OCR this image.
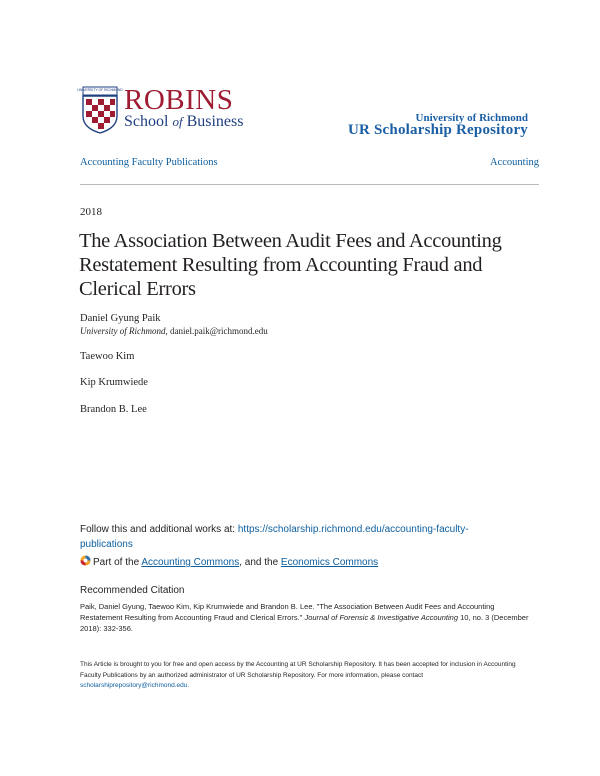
UNIVERSITY OF RICHMOND ROBINS
School of Business	University of Richmond
UR Scholarship Repository
Accounting Faculty Publications	Accounting
2018
The Association Between Audit Fees and Accounting Restatement Resulting from Accounting Fraud and Clerical Errors
Daniel Gyung Paik
University of Richmond, daniel.paik@richmond.edu
Taewoo Kim
Kip Krumwiede
Brandon B. Lee
Follow this and additional works at: https://scholarship.richmond.edu/accounting-faculty-publications
Part of the Accounting Commons, and the Economics Commons
Recommended Citation
Paik, Daniel Gyung, Taewoo Kim, Kip Krumwiede and Brandon B. Lee. "The Association Between Audit Fees and Accounting Restatement Resulting from Accounting Fraud and Clerical Errors." Journal of Forensic & Investigative Accounting 10, no. 3 (December 2018): 332-356.
This Article is brought to you for free and open access by the Accounting at UR Scholarship Repository. It has been accepted for inclusion in Accounting Faculty Publications by an authorized administrator of UR Scholarship Repository. For more information, please contact scholarshiprepository@richmond.edu.
